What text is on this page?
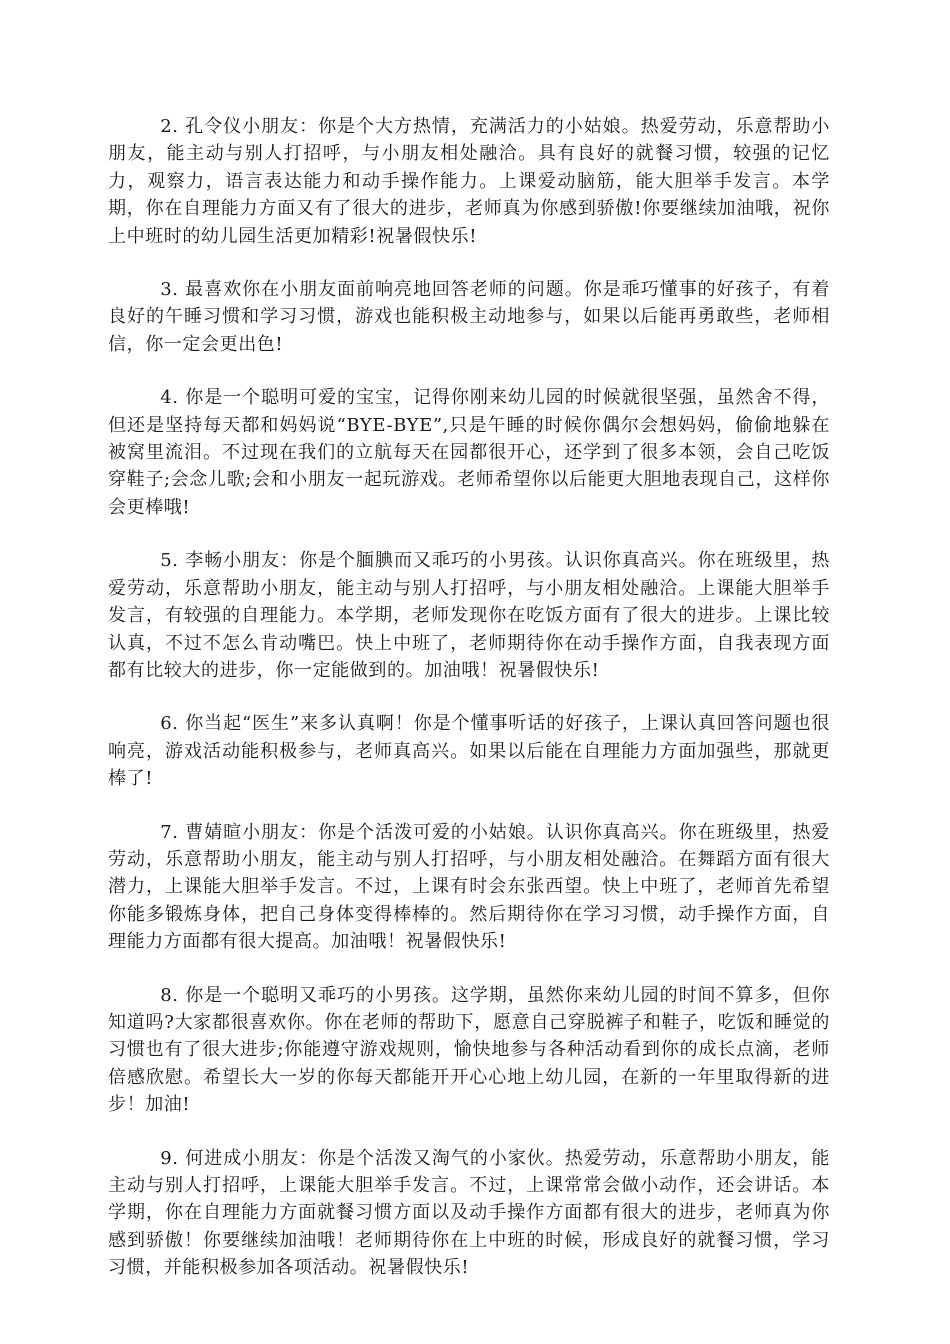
2. 孔令仪小朋友：你是个大方热情，充满活力的小姑娘。热爱劳动，乐意帮助小朋友，能主动与别人打招呼，与小朋友相处融洽。具有良好的就餐习惯，较强的记忆力，观察力，语言表达能力和动手操作能力。上课爱动脑筋，能大胆举手发言。本学期，你在自理能力方面又有了很大的进步，老师真为你感到骄傲!你要继续加油哦，祝你上中班时的幼儿园生活更加精彩!祝暑假快乐!

3. 最喜欢你在小朋友面前响亮地回答老师的问题。你是乖巧懂事的好孩子，有着良好的午睡习惯和学习习惯，游戏也能积极主动地参与，如果以后能再勇敢些，老师相信，你一定会更出色!

4. 你是一个聪明可爱的宝宝，记得你刚来幼儿园的时候就很坚强，虽然舍不得，但还是坚持每天都和妈妈说“BYE-BYE”,只是午睡的时候你偶尔会想妈妈，偷偷地躲在被窝里流泪。不过现在我们的立航每天在园都很开心，还学到了很多本领，会自己吃饭穿鞋子;会念儿歌;会和小朋友一起玩游戏。老师希望你以后能更大胆地表现自己，这样你会更棒哦!

5. 李畅小朋友：你是个腼腆而又乖巧的小男孩。认识你真高兴。你在班级里，热爱劳动，乐意帮助小朋友，能主动与别人打招呼，与小朋友相处融洽。上课能大胆举手发言，有较强的自理能力。本学期，老师发现你在吃饭方面有了很大的进步。上课比较认真，不过不怎么肯动嘴巴。快上中班了，老师期待你在动手操作方面，自我表现方面都有比较大的进步，你一定能做到的。加油哦！祝暑假快乐!

6. 你当起“医生”来多认真啊！你是个懂事听话的好孩子，上课认真回答问题也很响亮，游戏活动能积极参与，老师真高兴。如果以后能在自理能力方面加强些，那就更棒了!

7. 曹婧暄小朋友：你是个活泼可爱的小姑娘。认识你真高兴。你在班级里，热爱劳动，乐意帮助小朋友，能主动与别人打招呼，与小朋友相处融洽。在舞蹈方面有很大潜力，上课能大胆举手发言。不过，上课有时会东张西望。快上中班了，老师首先希望你能多锻炼身体，把自己身体变得棒棒的。然后期待你在学习习惯，动手操作方面，自理能力方面都有很大提高。加油哦！祝暑假快乐!

8. 你是一个聪明又乖巧的小男孩。这学期，虽然你来幼儿园的时间不算多，但你知道吗?大家都很喜欢你。你在老师的帮助下，愿意自己穿脱裤子和鞋子，吃饭和睡觉的习惯也有了很大进步;你能遵守游戏规则，愉快地参与各种活动看到你的成长点滴，老师倍感欣慰。希望长大一岁的你每天都能开开心心地上幼儿园，在新的一年里取得新的进步！加油!

9. 何进成小朋友：你是个活泼又淘气的小家伙。热爱劳动，乐意帮助小朋友，能主动与别人打招呼，上课能大胆举手发言。不过，上课常常会做小动作，还会讲话。本学期，你在自理能力方面就餐习惯方面以及动手操作方面都有很大的进步，老师真为你感到骄傲！你要继续加油哦！老师期待你在上中班的时候，形成良好的就餐习惯，学习习惯，并能积极参加各项活动。祝暑假快乐!
